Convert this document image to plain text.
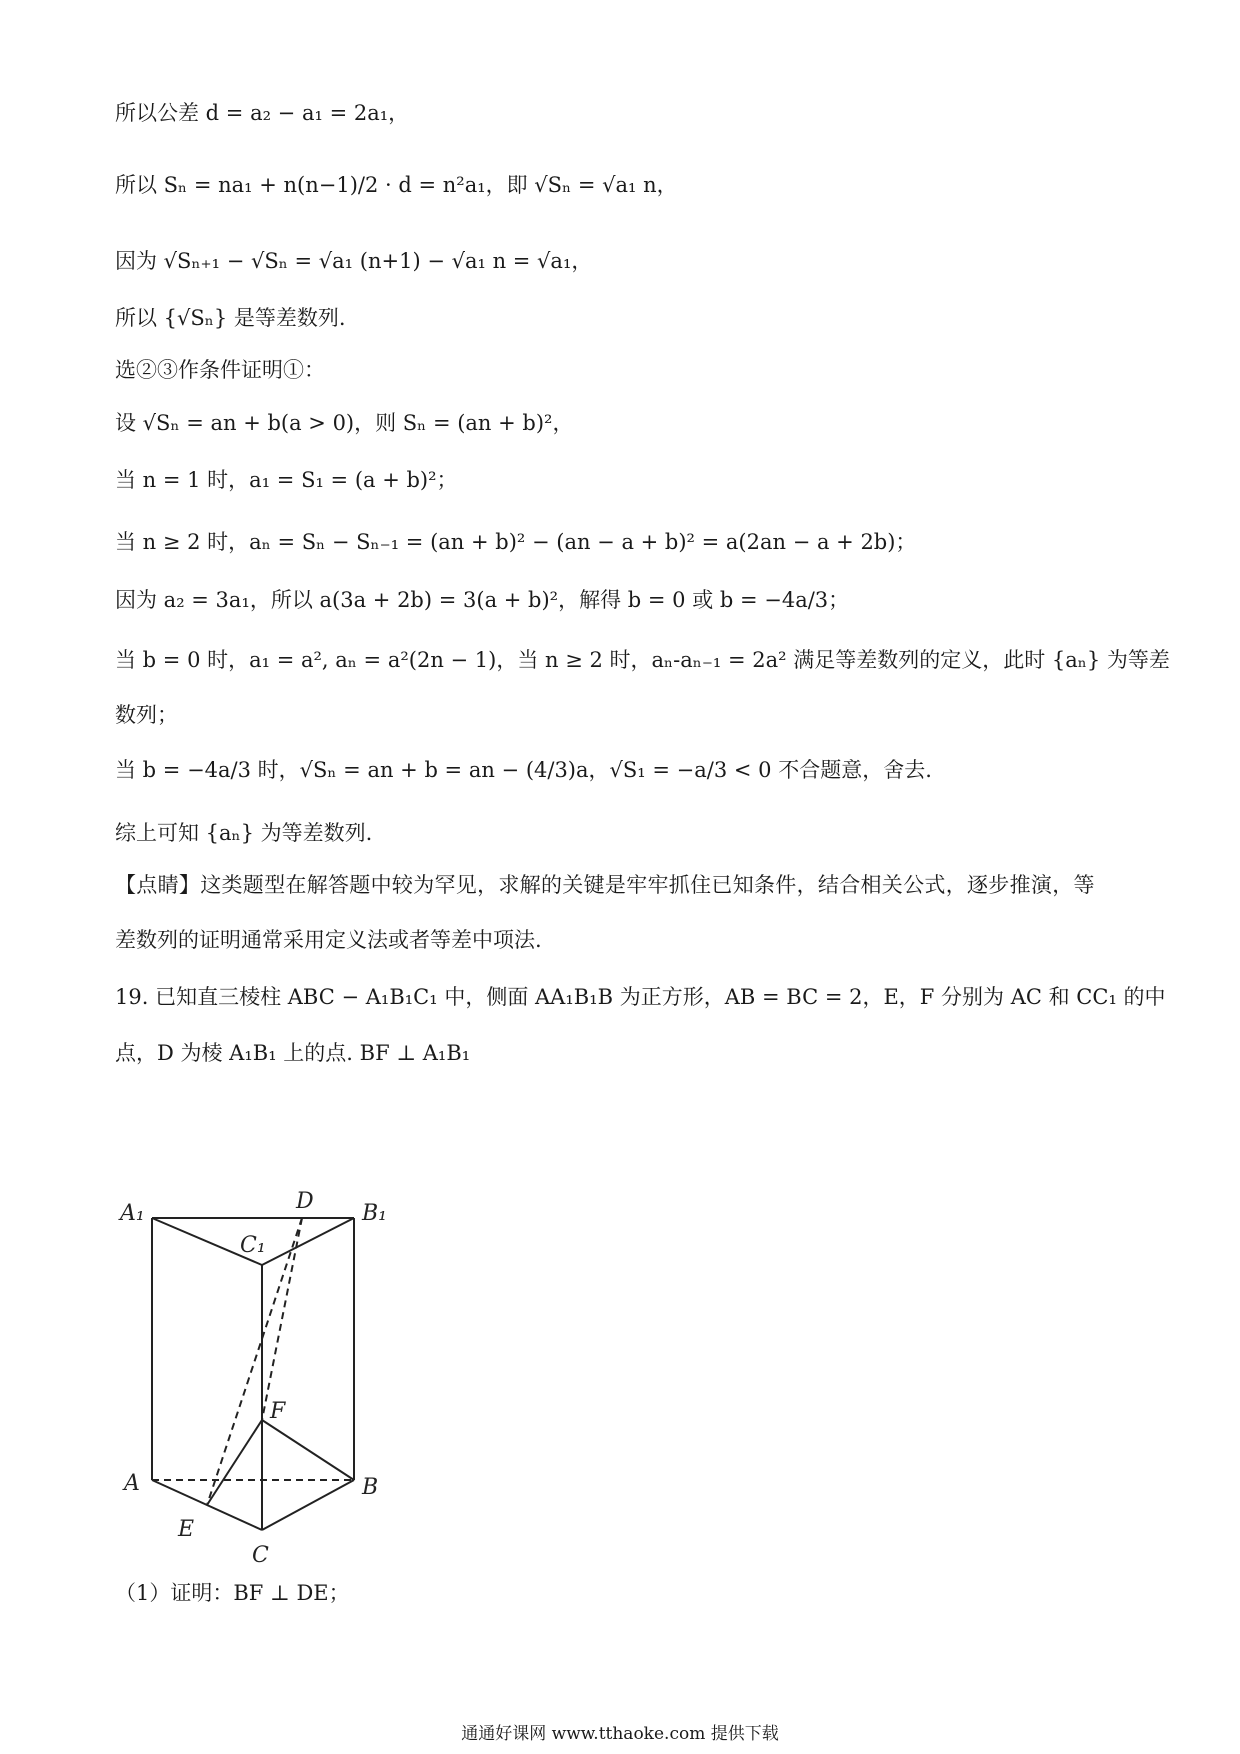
所以公差 d = a₂ − a₁ = 2a₁，
所以 Sₙ = na₁ + n(n−1)/2 · d = n²a₁，即 √Sₙ = √a₁ n，
因为 √Sₙ₊₁ − √Sₙ = √a₁ (n+1) − √a₁ n = √a₁，
所以 {√Sₙ} 是等差数列.
选②③作条件证明①：
设 √Sₙ = an + b(a > 0)，则 Sₙ = (an + b)²，
当 n = 1 时，a₁ = S₁ = (a + b)²；
当 n ≥ 2 时，aₙ = Sₙ − Sₙ₋₁ = (an + b)² − (an − a + b)² = a(2an − a + 2b)；
因为 a₂ = 3a₁，所以 a(3a + 2b) = 3(a + b)²，解得 b = 0 或 b = −4a/3；
当 b = 0 时，a₁ = a², aₙ = a²(2n − 1)，当 n ≥ 2 时，aₙ-aₙ₋₁ = 2a² 满足等差数列的定义，此时 {aₙ} 为等差
数列；
当 b = −4a/3 时，√Sₙ = an + b = an − (4/3)a，√S₁ = −a/3 < 0 不合题意，舍去.
综上可知 {aₙ} 为等差数列.
【点睛】这类题型在解答题中较为罕见，求解的关键是牢牢抓住已知条件，结合相关公式，逐步推演，等
差数列的证明通常采用定义法或者等差中项法.
19. 已知直三棱柱 ABC − A₁B₁C₁ 中，侧面 AA₁B₁B 为正方形，AB = BC = 2，E，F 分别为 AC 和 CC₁ 的中
点，D 为棱 A₁B₁ 上的点. BF ⊥ A₁B₁
A₁	D B₁
C₁
F
A	B
E
C
（1）证明：BF ⊥ DE；
通通好课网 www.tthaoke.com 提供下载
